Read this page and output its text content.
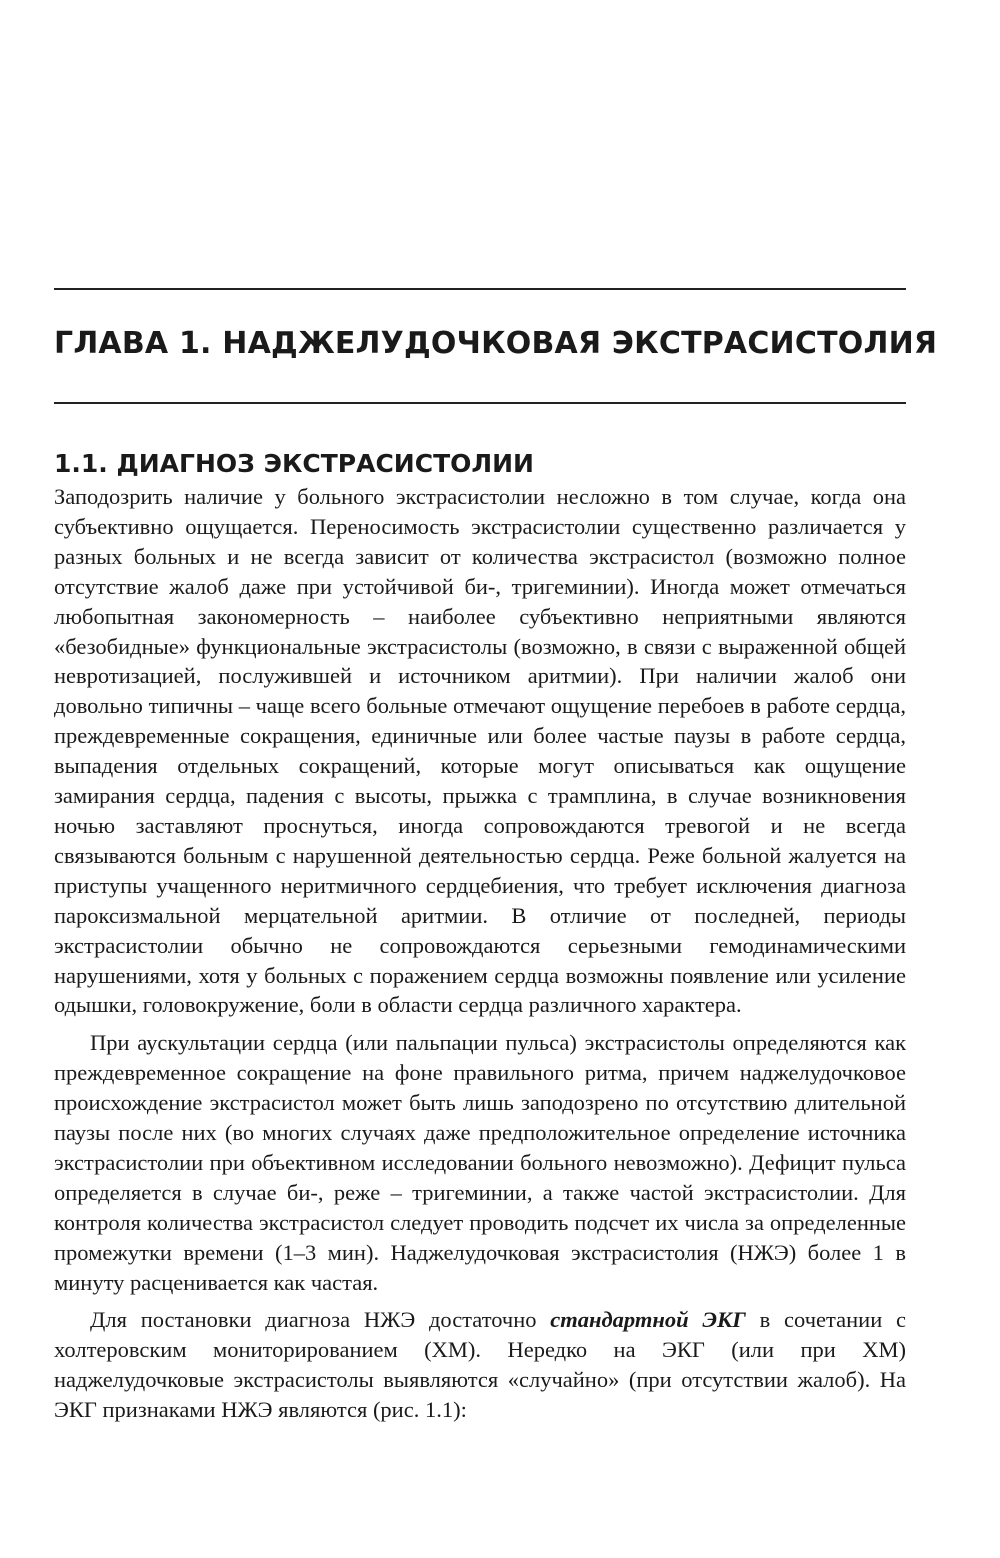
ГЛАВА 1. НАДЖЕЛУДОЧКОВАЯ ЭКСТРАСИСТОЛИЯ
1.1. ДИАГНОЗ ЭКСТРАСИСТОЛИИ

Заподозрить наличие у больного экстрасистолии несложно в том случае, когда она субъективно ощущается. Переносимость экстрасистолии существенно различается у разных больных и не всегда зависит от количества экстрасистол (возможно полное отсутствие жалоб даже при устойчивой би-, тригеминии). Иногда может отмечаться любопытная закономерность – наиболее субъективно неприятными являются «безобидные» функциональные экстрасистолы (возможно, в связи с выраженной общей невротизацией, послужившей и источником аритмии). При наличии жалоб они довольно типичны – чаще всего больные отмечают ощущение перебоев в работе сердца, преждевременные сокращения, единичные или более частые паузы в работе сердца, выпадения отдельных сокращений, которые могут описываться как ощущение замирания сердца, падения с высоты, прыжка с трамплина, в случае возникновения ночью заставляют проснуться, иногда сопровождаются тревогой и не всегда связываются больным с нарушенной деятельностью сердца. Реже больной жалуется на приступы учащенного неритмичного сердцебиения, что требует исключения диагноза пароксизмальной мерцательной аритмии. В отличие от последней, периоды экстрасистолии обычно не сопровождаются серьезными гемодинамическими нарушениями, хотя у больных с поражением сердца возможны появление или усиление одышки, головокружение, боли в области сердца различного характера.

При аускультации сердца (или пальпации пульса) экстрасистолы определяются как преждевременное сокращение на фоне правильного ритма, причем наджелудочковое происхождение экстрасистол может быть лишь заподозрено по отсутствию длительной паузы после них (во многих случаях даже предположительное определение источника экстрасистолии при объективном исследовании больного невозможно). Дефицит пульса определяется в случае би-, реже – тригеминии, а также частой экстрасистолии. Для контроля количества экстрасистол следует проводить подсчет их числа за определенные промежутки времени (1–3 мин). Наджелудочковая экстрасистолия (НЖЭ) более 1 в минуту расценивается как частая.

Для постановки диагноза НЖЭ достаточно стандартной ЭКГ в сочетании с холтеровским мониторированием (ХМ). Нередко на ЭКГ (или при ХМ) наджелудочковые экстрасистолы выявляются «случайно» (при отсутствии жалоб). На ЭКГ признаками НЖЭ являются (рис. 1.1):
